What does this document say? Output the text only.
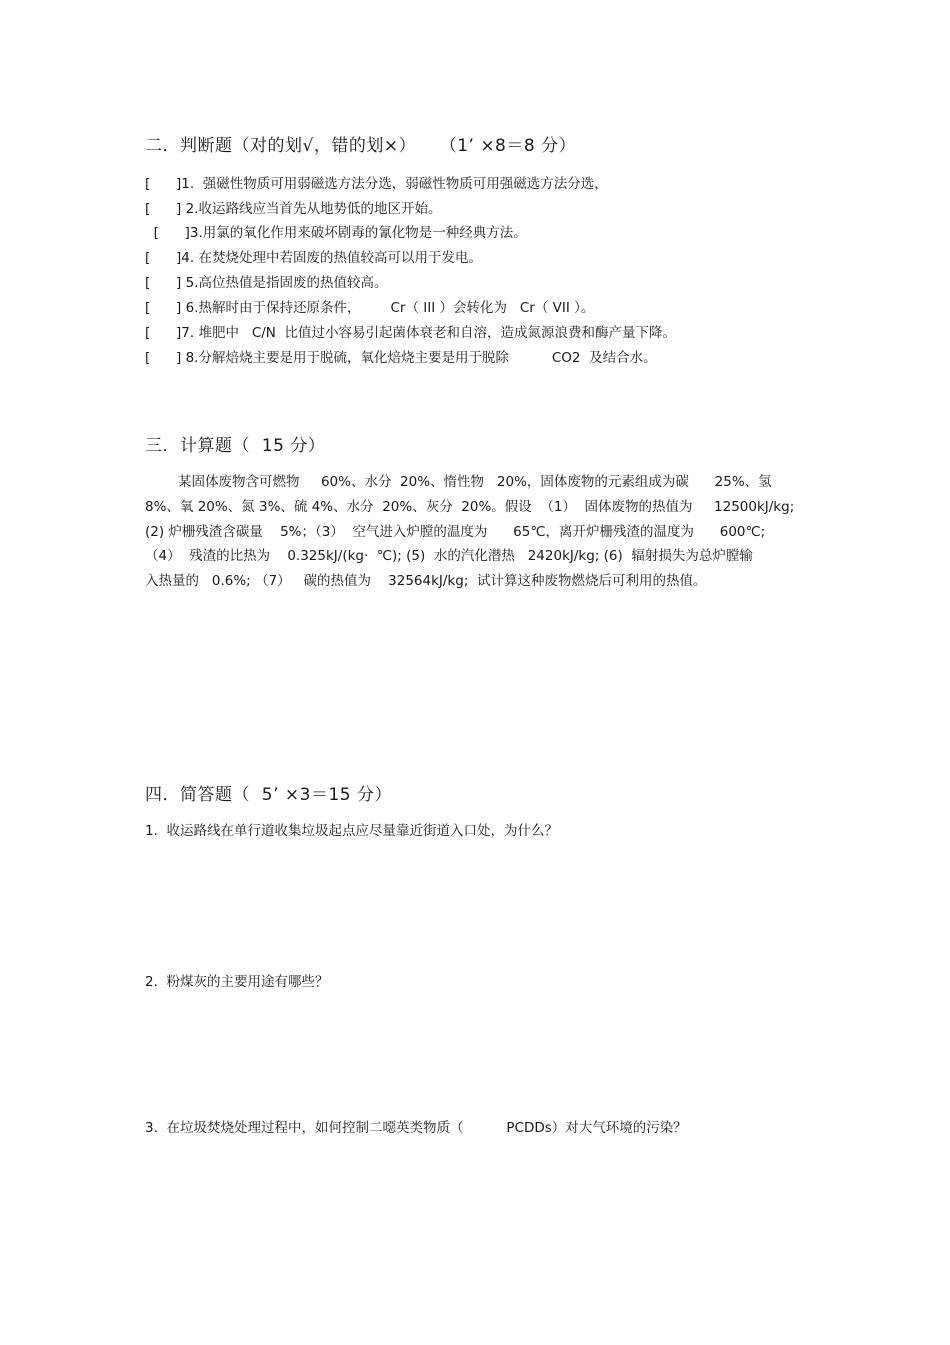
二．判断题（对的划√，错的划×）    （1’ ×8＝8 分）
[      ]1.  强磁性物质可用弱磁选方法分选，弱磁性物质可用强磁选方法分选，
[      ] 2.收运路线应当首先从地势低的地区开始。
[      ]3.用氯的氧化作用来破坏剧毒的氰化物是一种经典方法。
[      ]4. 在焚烧处理中若固废的热值较高可以用于发电。
[      ] 5.高位热值是指固废的热值较高。
[      ] 6.热解时由于保持还原条件，       Cr（ III ）会转化为   Cr（ VII ）。
[      ]7. 堆肥中   C/N  比值过小容易引起菌体衰老和自溶，造成氮源浪费和酶产量下降。
[      ] 8.分解焙烧主要是用于脱硫，氧化焙烧主要是用于脱除          CO2  及结合水。
三．计算题（  15 分）
某固体废物含可燃物     60%、水分  20%、惰性物   20%，固体废物的元素组成为碳      25%、氢
8%、氧 20%、氮 3%、硫 4%、水分  20%、灰分  20%。假设  （1）  固体废物的热值为     12500kJ/kg;
(2) 炉栅残渣含碳量    5%；（3）  空气进入炉膛的温度为      65℃，离开炉栅残渣的温度为      600℃;
（4）  残渣的比热为    0.325kJ/(kg·  ℃); (5)  水的汽化潜热   2420kJ/kg; (6)  辐射损失为总炉膛输
入热量的   0.6%; （7）   碳的热值为    32564kJ/kg;  试计算这种废物燃烧后可利用的热值。
四．简答题（  5’ ×3＝15 分）
1.  收运路线在单行道收集垃圾起点应尽量靠近街道入口处，为什么？
2.  粉煤灰的主要用途有哪些？
3.  在垃圾焚烧处理过程中，如何控制二噁英类物质（          PCDDs）对大气环境的污染？
